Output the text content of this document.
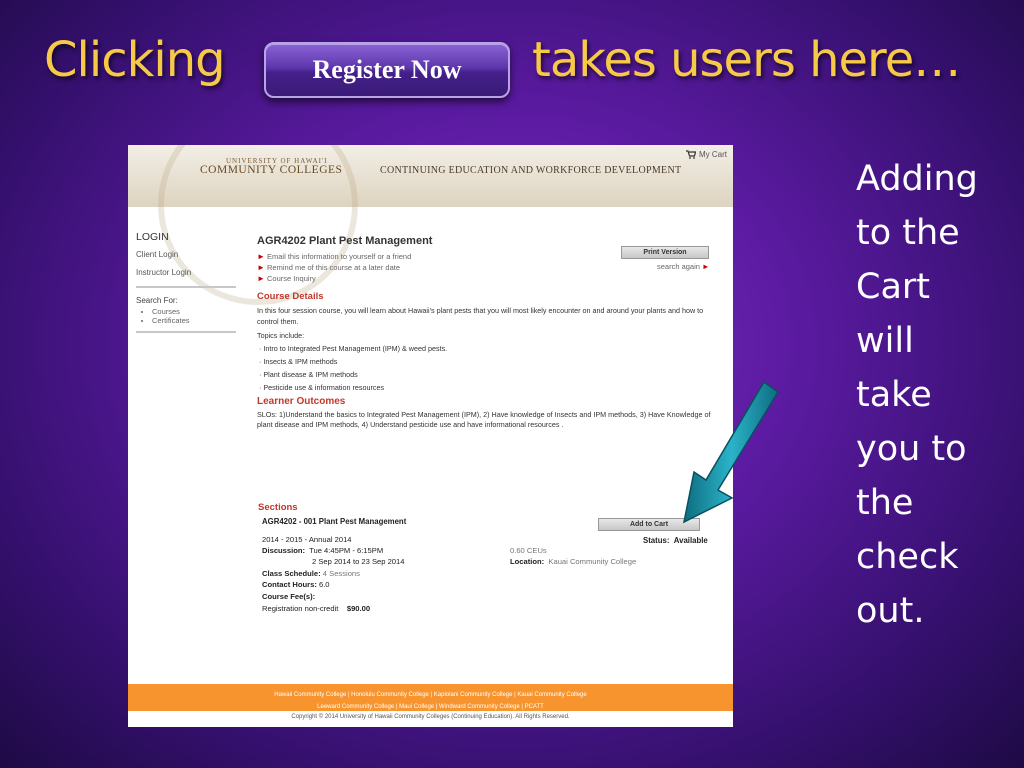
Clicking	takes users here…
Register Now
Adding
to the
Cart
will
take
you to
the
check
out.
UNIVERSITY OF HAWAI'I
COMMUNITY COLLEGES	CONTINUING EDUCATION AND WORKFORCE DEVELOPMENT
My Cart
LOGIN
Client Login
Instructor Login
Search For:
• Courses
• Certificates
Print Version
search again ►
AGR4202 Plant Pest Management
► Email this information to yourself or a friend
► Remind me of this course at a later date
► Course Inquiry
Course Details
In this four session course, you will learn about Hawaii’s plant pests that you will most likely encounter on and around your plants and how to control them.
Topics include:
· Intro to Integrated Pest Management (IPM) & weed pests.
· Insects & IPM methods
· Plant disease & IPM methods
· Pesticide use & information resources
Learner Outcomes
SLOs: 1)Understand the basics to Integrated Pest Management (IPM), 2) Have knowledge of Insects and IPM methods, 3) Have Knowledge of plant disease and IPM methods, 4) Understand pesticide use and have informational resources .
Sections
AGR4202 - 001 Plant Pest Management	Add to Cart
Status: Available
2014 - 2015 - Annual 2014
Discussion: Tue 4:45PM - 6:15PM
2 Sep 2014 to 23 Sep 2014
0.60 CEUs
Location: Kauai Community College
Class Schedule: 4 Sessions
Contact Hours: 6.0
Course Fee(s):
Registration non-credit $90.00
Hawaii Community College | Honolulu Community College | Kapiolani Community College | Kauai Community College
Leeward Community College | Maui College | Windward Community College | PCATT
Copyright © 2014 University of Hawaii Community Colleges (Continuing Education). All Rights Reserved.
